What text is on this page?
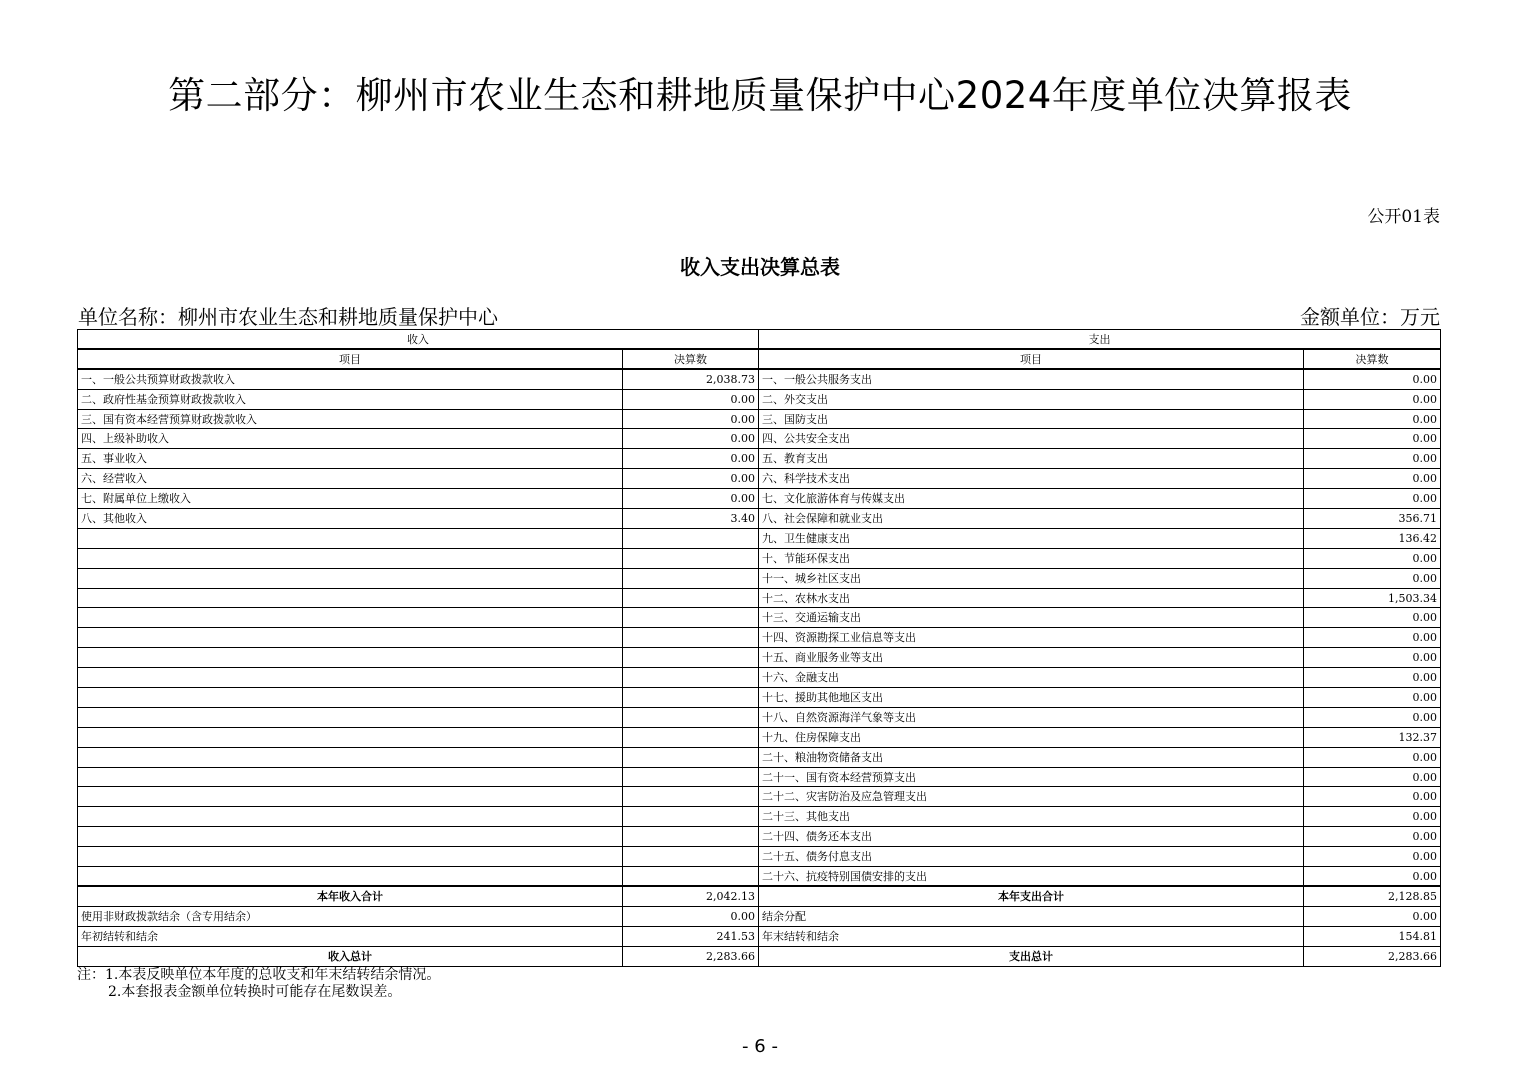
第二部分：柳州市农业生态和耕地质量保护中心2024年度单位决算报表
公开01表
收入支出决算总表
单位名称：柳州市农业生态和耕地质量保护中心	金额单位：万元
收入		支出	
项目	决算数	项目	决算数
一、一般公共预算财政拨款收入	2,038.73	一、一般公共服务支出	0.00
二、政府性基金预算财政拨款收入	0.00	二、外交支出	0.00
三、国有资本经营预算财政拨款收入	0.00	三、国防支出	0.00
四、上级补助收入	0.00	四、公共安全支出	0.00
五、事业收入	0.00	五、教育支出	0.00
六、经营收入	0.00	六、科学技术支出	0.00
七、附属单位上缴收入	0.00	七、文化旅游体育与传媒支出	0.00
八、其他收入	3.40	八、社会保障和就业支出	356.71
		九、卫生健康支出	136.42
		十、节能环保支出	0.00
		十一、城乡社区支出	0.00
		十二、农林水支出	1,503.34
		十三、交通运输支出	0.00
		十四、资源勘探工业信息等支出	0.00
		十五、商业服务业等支出	0.00
		十六、金融支出	0.00
		十七、援助其他地区支出	0.00
		十八、自然资源海洋气象等支出	0.00
		十九、住房保障支出	132.37
		二十、粮油物资储备支出	0.00
		二十一、国有资本经营预算支出	0.00
		二十二、灾害防治及应急管理支出	0.00
		二十三、其他支出	0.00
		二十四、债务还本支出	0.00
		二十五、债务付息支出	0.00
		二十六、抗疫特别国债安排的支出	0.00
本年收入合计	2,042.13	本年支出合计	2,128.85
使用非财政拨款结余（含专用结余）	0.00	结余分配	0.00
年初结转和结余	241.53	年末结转和结余	154.81
收入总计	2,283.66	支出总计	2,283.66
注：1.本表反映单位本年度的总收支和年末结转结余情况。
2.本套报表金额单位转换时可能存在尾数误差。
- 6 -
